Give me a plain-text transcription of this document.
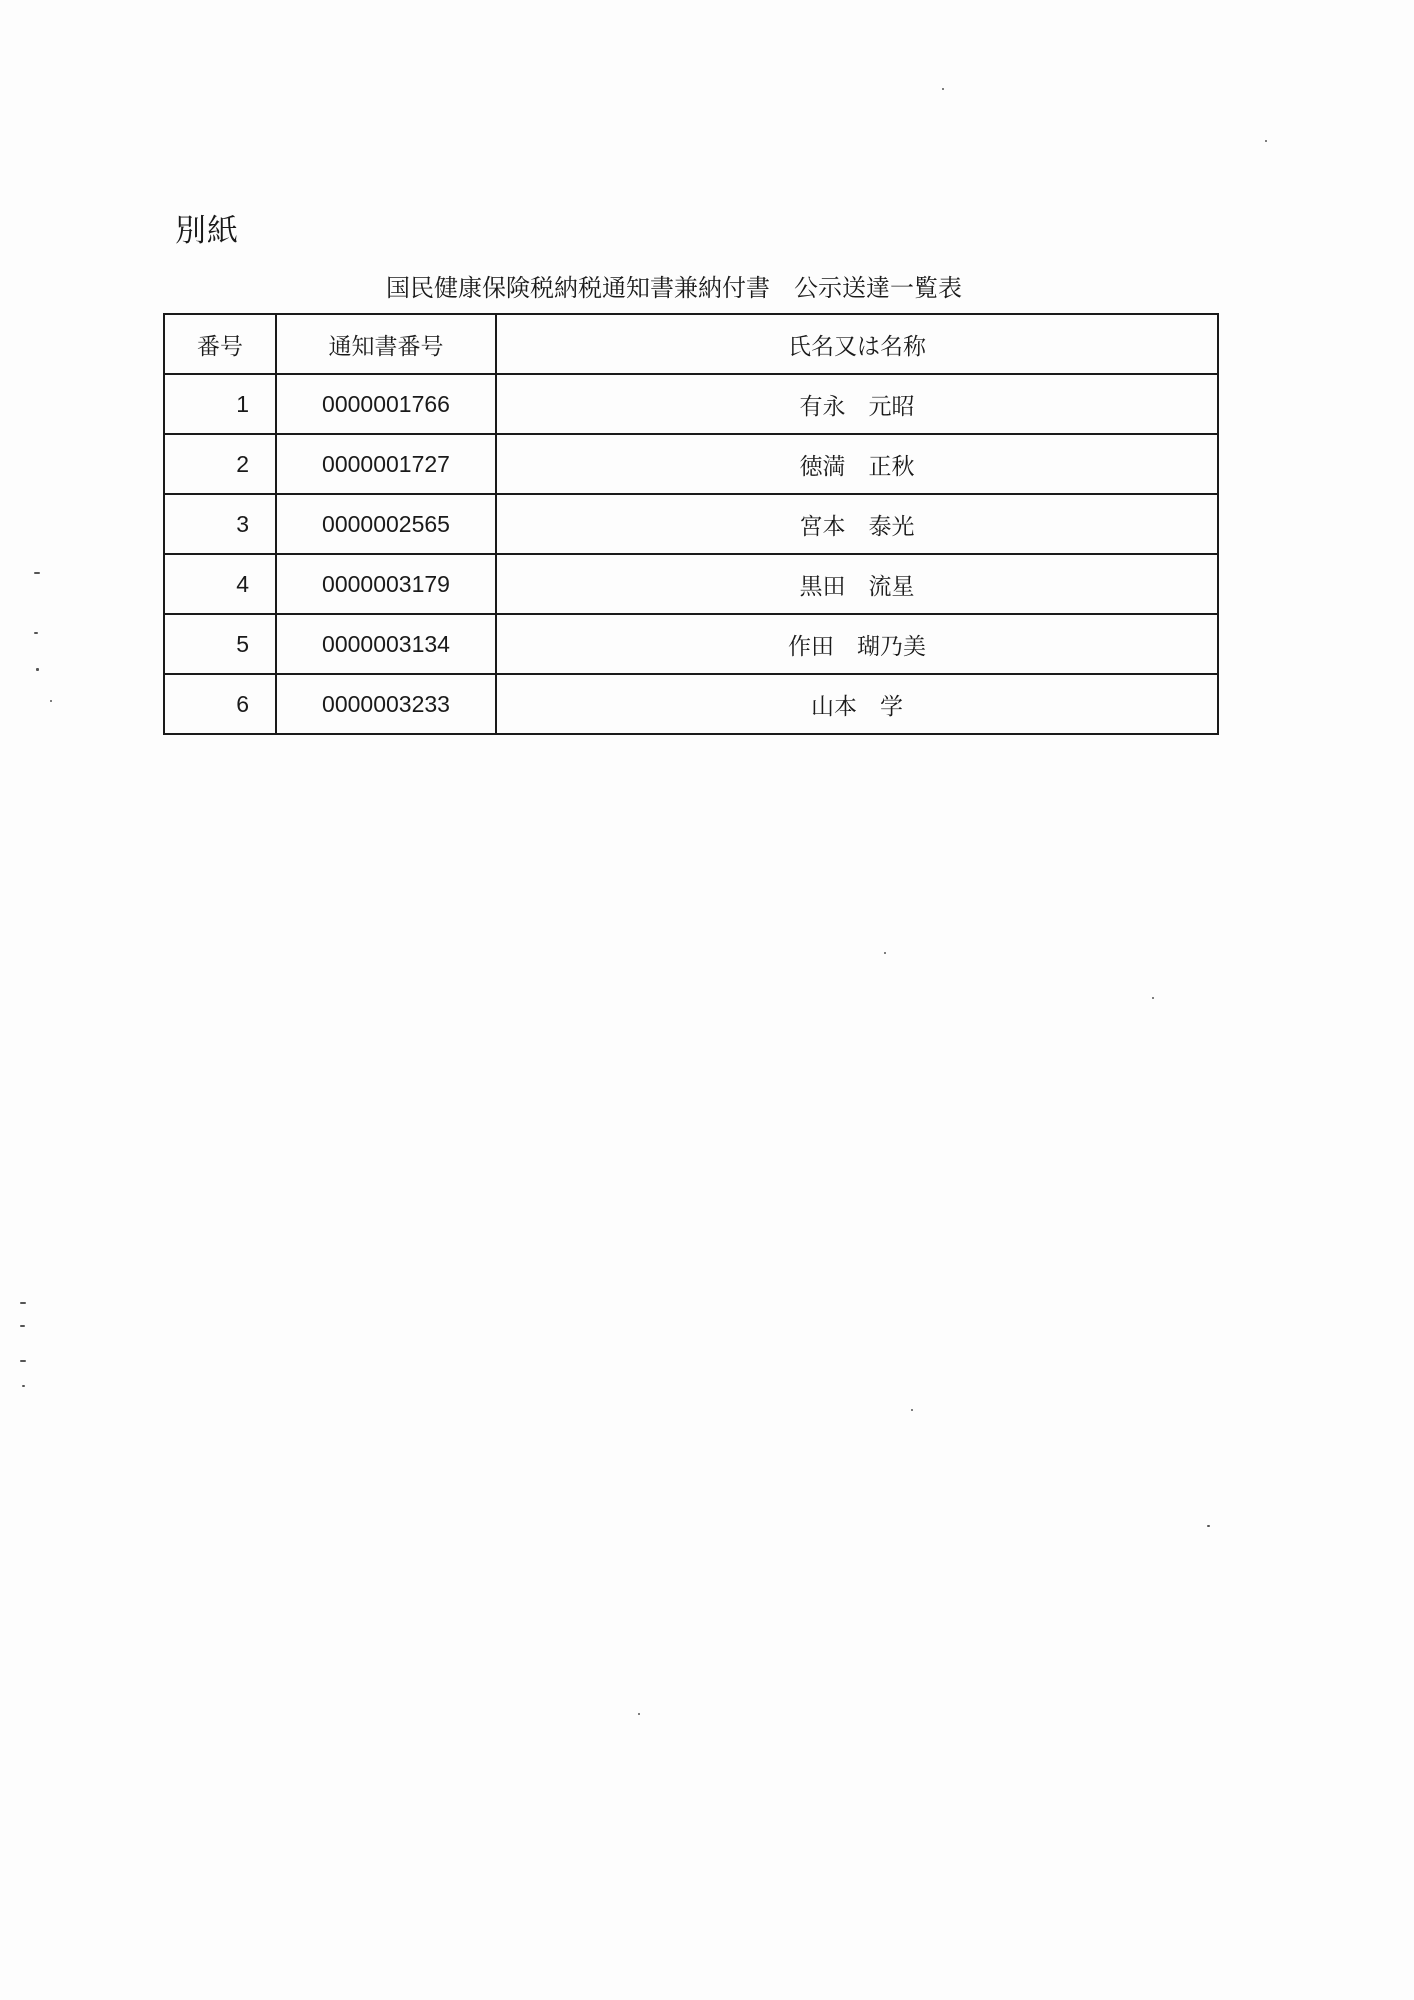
別紙
国民健康保険税納税通知書兼納付書　公示送達一覧表
番号	通知書番号	氏名又は名称
1	0000001766	有永　元昭
2	0000001727	徳満　正秋
3	0000002565	宮本　泰光
4	0000003179	黒田　流星
5	0000003134	作田　瑚乃美
6	0000003233	山本　学
